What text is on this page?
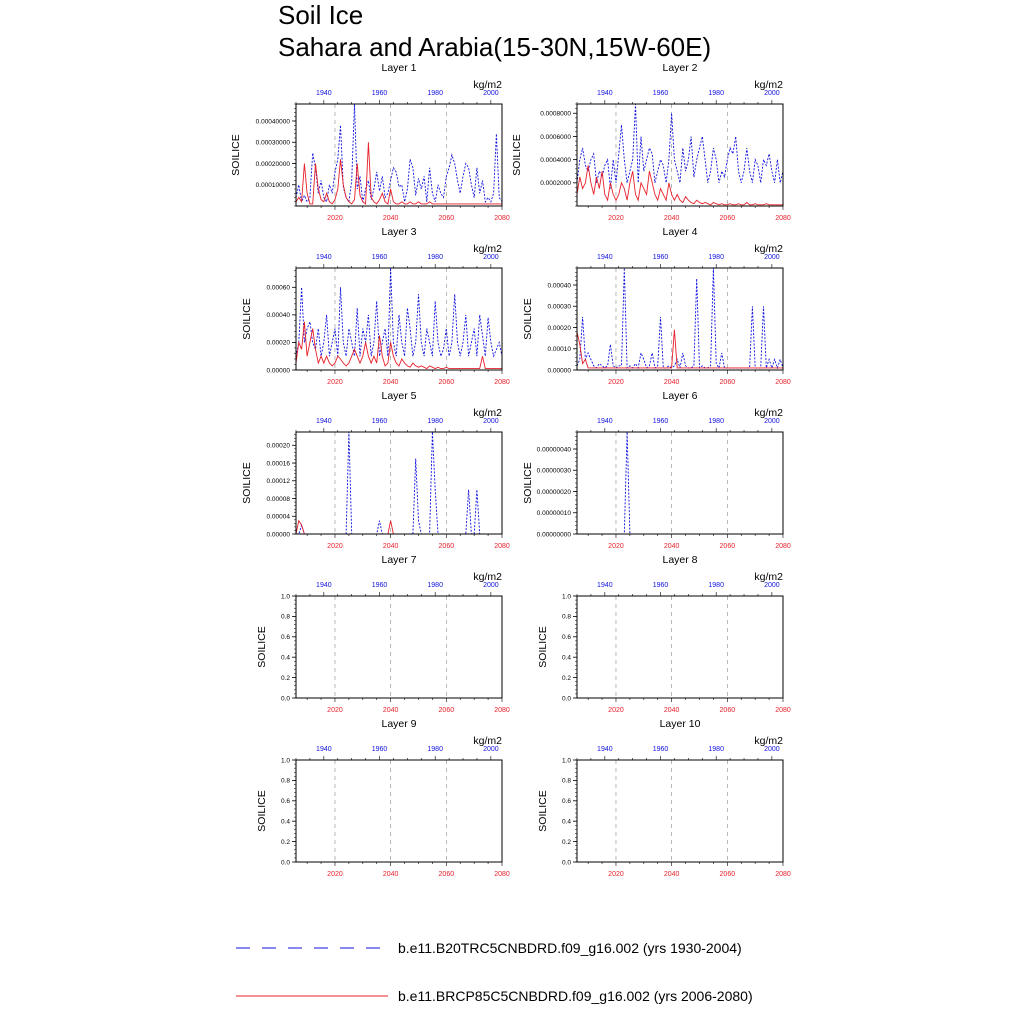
Soil Ice
Sahara and Arabia(15-30N,15W-60E)
Layer 1
kg/m2
SOILICE
0.00010000
0.00020000
0.00030000
0.00040000
2020	2040	2060	2080
1940	1960	1980	2000
Layer 2
kg/m2
SOILICE
0.0002000
0.0004000
0.0006000
0.0008000
2020	2040	2060	2080
1940	1960	1980	2000
Layer 3
kg/m2
SOILICE
0.00000
0.00020
0.00040
0.00060
2020	2040	2060	2080
1940	1960	1980	2000
Layer 4
kg/m2
SOILICE
0.00000
0.00010
0.00020
0.00030
0.00040
2020	2040	2060	2080
1940	1960	1980	2000
Layer 5
kg/m2
SOILICE
0.00000
0.00004
0.00008
0.00012
0.00016
0.00020
2020	2040	2060	2080
1940	1960	1980	2000
Layer 6
kg/m2
SOILICE
0.00000000
0.00000010
0.00000020
0.00000030
0.00000040
2020	2040	2060	2080
1940	1960	1980	2000
Layer 7
kg/m2
SOILICE
0.0
0.2
0.4
0.6
0.8
1.0
2020	2040	2060	2080
1940	1960	1980	2000
Layer 8
kg/m2
SOILICE
0.0
0.2
0.4
0.6
0.8
1.0
2020	2040	2060	2080
1940	1960	1980	2000
Layer 9
kg/m2
SOILICE
0.0
0.2
0.4
0.6
0.8
1.0
2020	2040	2060	2080
1940	1960	1980	2000
Layer 10
kg/m2
SOILICE
0.0
0.2
0.4
0.6
0.8
1.0
2020	2040	2060	2080
1940	1960	1980	2000
b.e11.B20TRC5CNBDRD.f09_g16.002 (yrs 1930-2004)
b.e11.BRCP85C5CNBDRD.f09_g16.002 (yrs 2006-2080)
